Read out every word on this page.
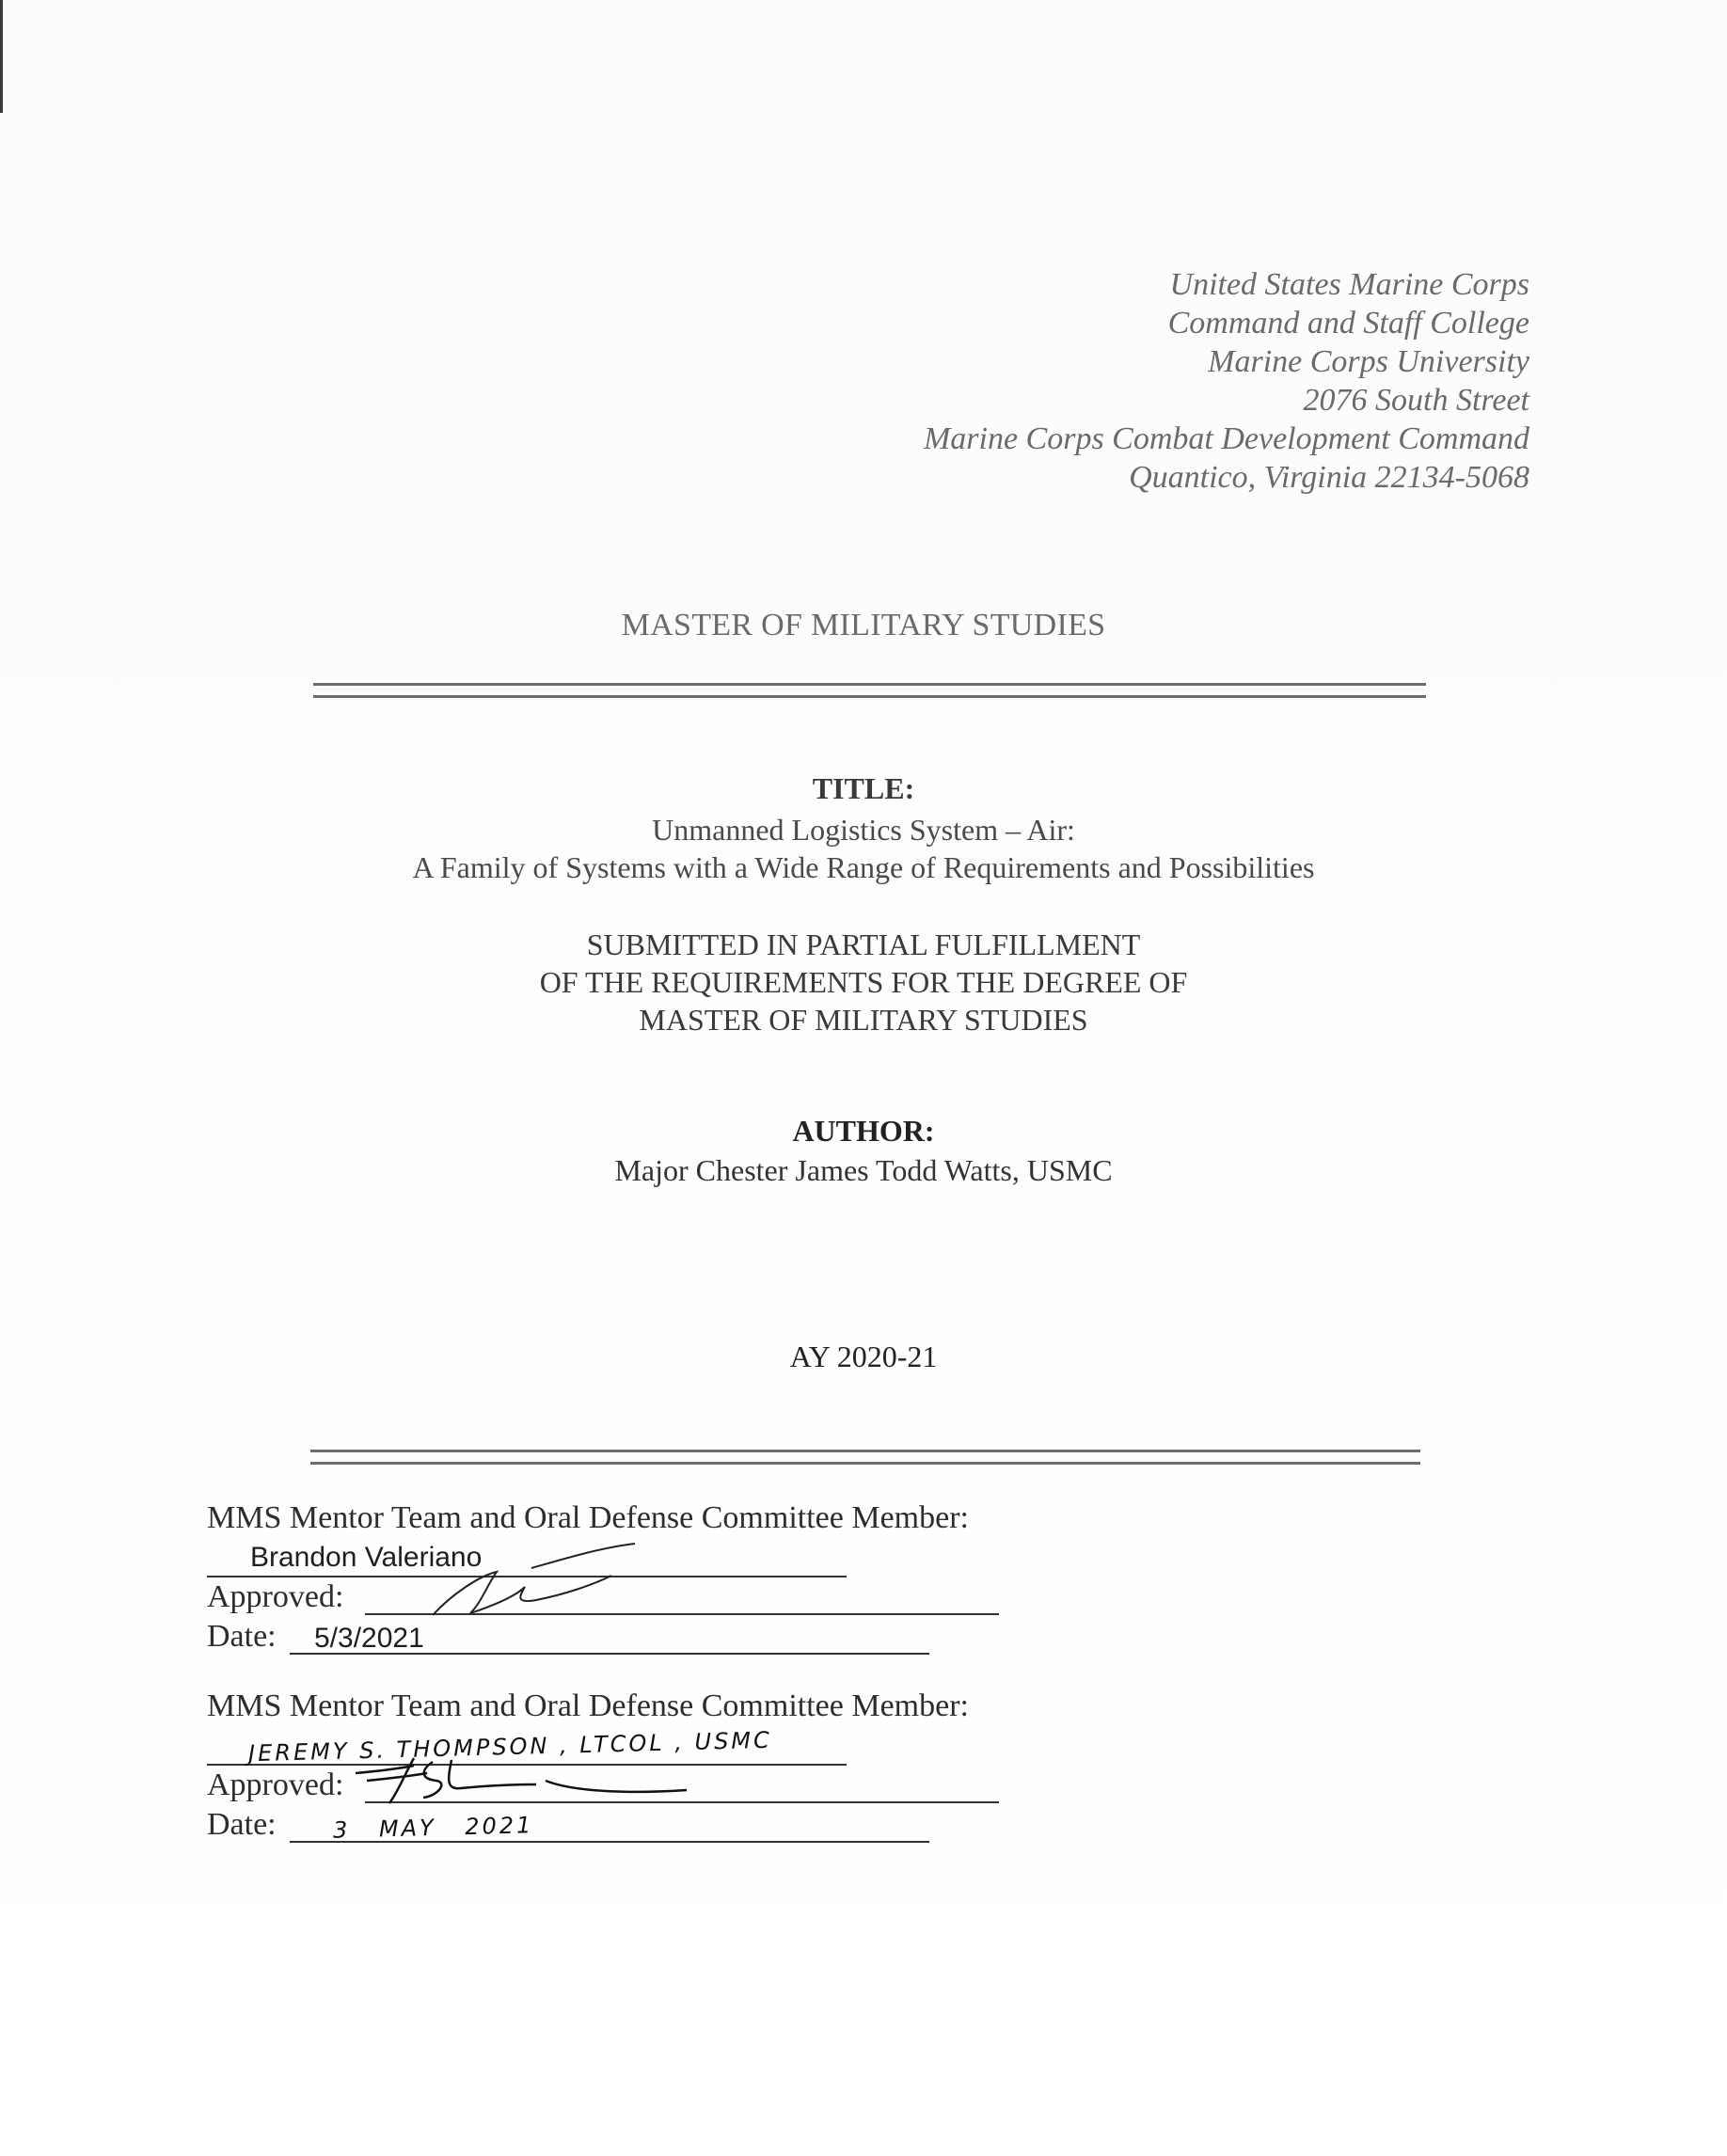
United States Marine Corps
Command and Staff College
Marine Corps University
2076 South Street
Marine Corps Combat Development Command
Quantico, Virginia 22134-5068
MASTER OF MILITARY STUDIES
TITLE:
Unmanned Logistics System – Air:
A Family of Systems with a Wide Range of Requirements and Possibilities
SUBMITTED IN PARTIAL FULFILLMENT
OF THE REQUIREMENTS FOR THE DEGREE OF
MASTER OF MILITARY STUDIES
AUTHOR:
Major Chester James Todd Watts, USMC
AY 2020-21
MMS Mentor Team and Oral Defense Committee Member:
Brandon Valeriano
Approved:
Date: 5/3/2021
MMS Mentor Team and Oral Defense Committee Member:
JEREMY S. THOMPSON , LTCOL , USMC
Approved:
Date:	3 MAY 2021
